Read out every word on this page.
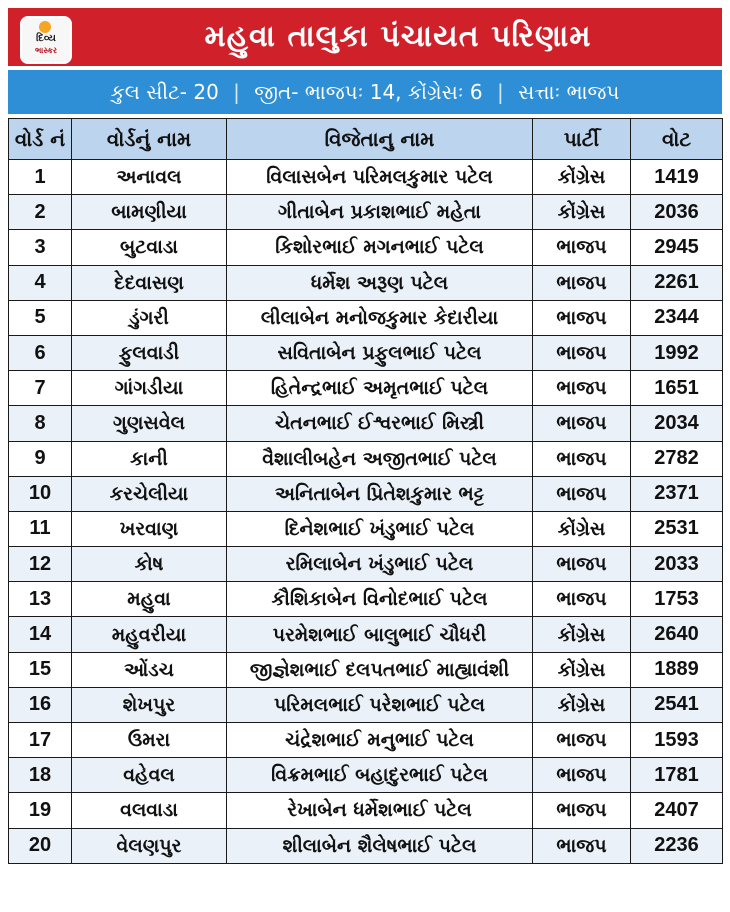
દિવ્ય
ભાસ્કર	મહુવા તાલુકા પંચાયત પરિણામ
કુલ સીટ- 20 | જીત- ભાજપઃ 14, કોંગ્રેસઃ 6 | સત્તાઃ ભાજપ
વોર્ડ નં	વોર્ડનું નામ	વિજેતાનુ નામ	પાર્ટી	વોટ
1	અનાવલ	વિલાસબેન પરિમલકુમાર પટેલ	કોંગ્રેસ	1419
2	બામણીયા	ગીતાબેન પ્રકાશભાઈ મહેતા	કોંગ્રેસ	2036
3	બુટવાડા	કિશોરભાઈ મગનભાઈ પટેલ	ભાજપ	2945
4	દેદવાસણ	ધર્મેશ અરૂણ પટેલ	ભાજપ	2261
5	ડુંગરી	લીલાબેન મનોજકુમાર કેદારીયા	ભાજપ	2344
6	ફુલવાડી	સવિતાબેન પ્રફુલભાઈ પટેલ	ભાજપ	1992
7	ગાંગડીયા	હિતેન્દ્રભાઈ અમૃતભાઈ પટેલ	ભાજપ	1651
8	ગુણસવેલ	ચેતનભાઈ ઈશ્વરભાઈ મિસ્ત્રી	ભાજપ	2034
9	કાની	વૈશાલીબહેન અજીતભાઈ પટેલ	ભાજપ	2782
10	કરચેલીયા	અનિતાબેન પ્રિતેશકુમાર ભટ્ટ	ભાજપ	2371
11	ખરવાણ	દિનેશભાઈ ખંડુભાઈ પટેલ	કોંગ્રેસ	2531
12	કોષ	રમિલાબેન ખંડુભાઈ પટેલ	ભાજપ	2033
13	મહુવા	કૌશિકાબેન વિનોદભાઈ પટેલ	ભાજપ	1753
14	મહુવરીયા	પરમેશભાઈ બાલુભાઈ ચૌધરી	કોંગ્રેસ	2640
15	ઓંડચ	જીજ્ઞેશભાઈ દલપતભાઈ માહ્યાવંશી	કોંગ્રેસ	1889
16	શેખપુર	પરિમલભાઈ પરેશભાઈ પટેલ	કોંગ્રેસ	2541
17	ઉમરા	ચંદ્રેશભાઈ મનુભાઈ પટેલ	ભાજપ	1593
18	વહેવલ	વિક્રમભાઈ બહાદુરભાઈ પટેલ	ભાજપ	1781
19	વલવાડા	રેખાબેન ધર્મેશભાઈ પટેલ	ભાજપ	2407
20	વેલણપુર	શીલાબેન શૈલેષભાઈ પટેલ	ભાજપ	2236
